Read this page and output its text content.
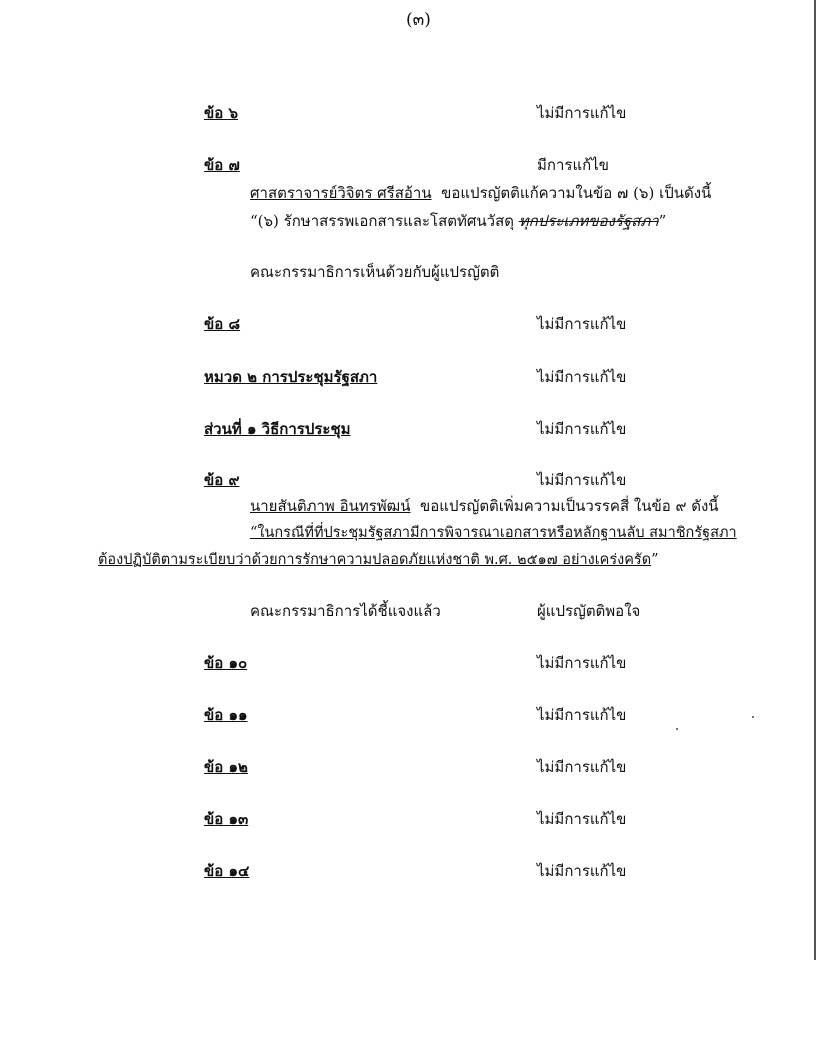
(๓)
ข้อ ๖	ไม่มีการแก้ไข
ข้อ ๗	มีการแก้ไข
ศาสตราจารย์วิจิตร ศรีสอ้าน ขอแปรญัตติแก้ความในข้อ ๗ (๖) เป็นดังนี้
“(๖) รักษาสรรพเอกสารและโสตทัศนวัสดุ ทุกประเภทของรัฐสภา”
คณะกรรมาธิการเห็นด้วยกับผู้แปรญัตติ
ข้อ ๘	ไม่มีการแก้ไข
หมวด ๒ การประชุมรัฐสภา	ไม่มีการแก้ไข
ส่วนที่ ๑ วิธีการประชุม	ไม่มีการแก้ไข
ข้อ ๙	ไม่มีการแก้ไข
นายสันติภาพ อินทรพัฒน์ ขอแปรญัตติเพิ่มความเป็นวรรคสี่ ในข้อ ๙ ดังนี้
“ในกรณีที่ที่ประชุมรัฐสภามีการพิจารณาเอกสารหรือหลักฐานลับ สมาชิกรัฐสภา
ต้องปฏิบัติตามระเบียบว่าด้วยการรักษาความปลอดภัยแห่งชาติ พ.ศ. ๒๕๑๗ อย่างเคร่งครัด”
คณะกรรมาธิการได้ชี้แจงแล้ว	ผู้แปรญัตติพอใจ
ข้อ ๑๐	ไม่มีการแก้ไข
ข้อ ๑๑	ไม่มีการแก้ไข
ข้อ ๑๒	ไม่มีการแก้ไข
ข้อ ๑๓	ไม่มีการแก้ไข
ข้อ ๑๔	ไม่มีการแก้ไข
